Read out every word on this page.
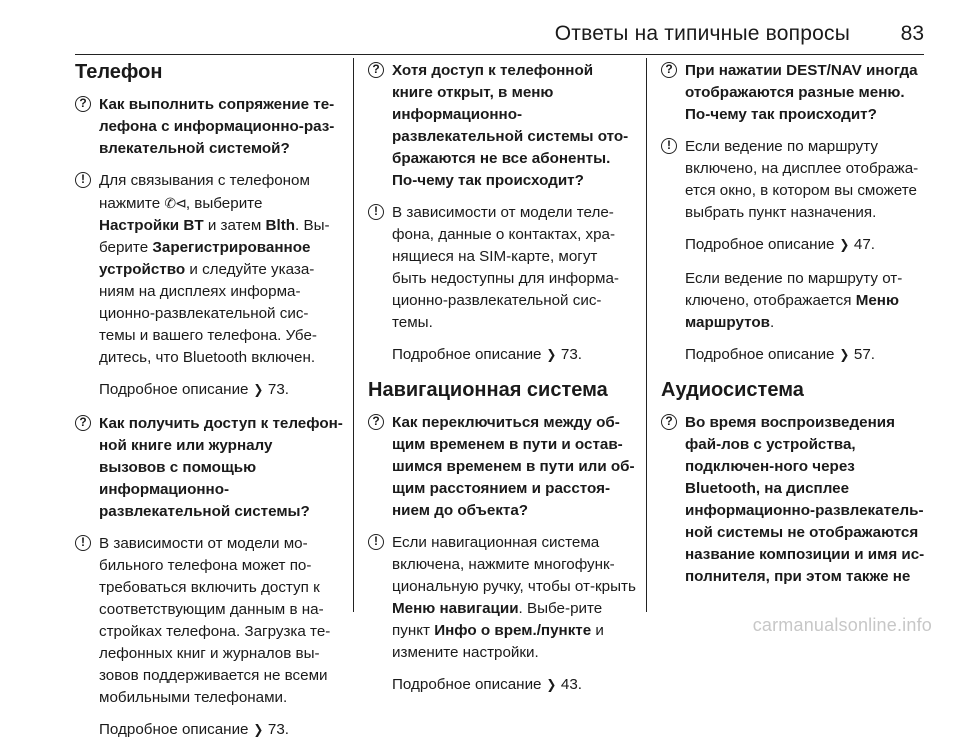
Ответы на типичные вопросы 83
Телефон
? Как выполнить сопряжение те-лефона с информационно-раз-влекательной системой?
! Для связывания с телефоном нажмите ✆⊲, выберите Настройки BT и затем Blth. Вы-берите Зарегистрированное устройство и следуйте указа-ниям на дисплеях информа-ционно-развлекательной сис-темы и вашего телефона. Убе-дитесь, что Bluetooth включен.
Подробное описание ❯ 73.
? Как получить доступ к телефон-ной книге или журналу вызовов с помощью информационно-развлекательной системы?
! В зависимости от модели мо-бильного телефона может по-требоваться включить доступ к соответствующим данным в на-стройках телефона. Загрузка те-лефонных книг и журналов вы-зовов поддерживается не всеми мобильными телефонами.
Подробное описание ❯ 73.
? Хотя доступ к телефонной книге открыт, в меню информационно-развлекательной системы ото-бражаются не все абоненты. По-чему так происходит?
! В зависимости от модели теле-фона, данные о контактах, хра-нящиеся на SIM-карте, могут быть недоступны для информа-ционно-развлекательной сис-темы.
Подробное описание ❯ 73.
Навигационная система
? Как переключиться между об-щим временем в пути и остав-шимся временем в пути или об-щим расстоянием и расстоя-нием до объекта?
! Если навигационная система включена, нажмите многофунк-циональную ручку, чтобы от-крыть Меню навигации. Выбе-рите пункт Инфо о врем./пункте и измените настройки.
Подробное описание ❯ 43.
? При нажатии DEST/NAV иногда отображаются разные меню. По-чему так происходит?
! Если ведение по маршруту включено, на дисплее отобража-ется окно, в котором вы сможете выбрать пункт назначения.
Подробное описание ❯ 47.
Если ведение по маршруту от-ключено, отображается Меню маршрутов.
Подробное описание ❯ 57.
Аудиосистема
? Во время воспроизведения фай-лов с устройства, подключен-ного через Bluetooth, на дисплее информационно-развлекатель-ной системы не отображаются название композиции и имя ис-полнителя, при этом также не
carmanualsonline.info
